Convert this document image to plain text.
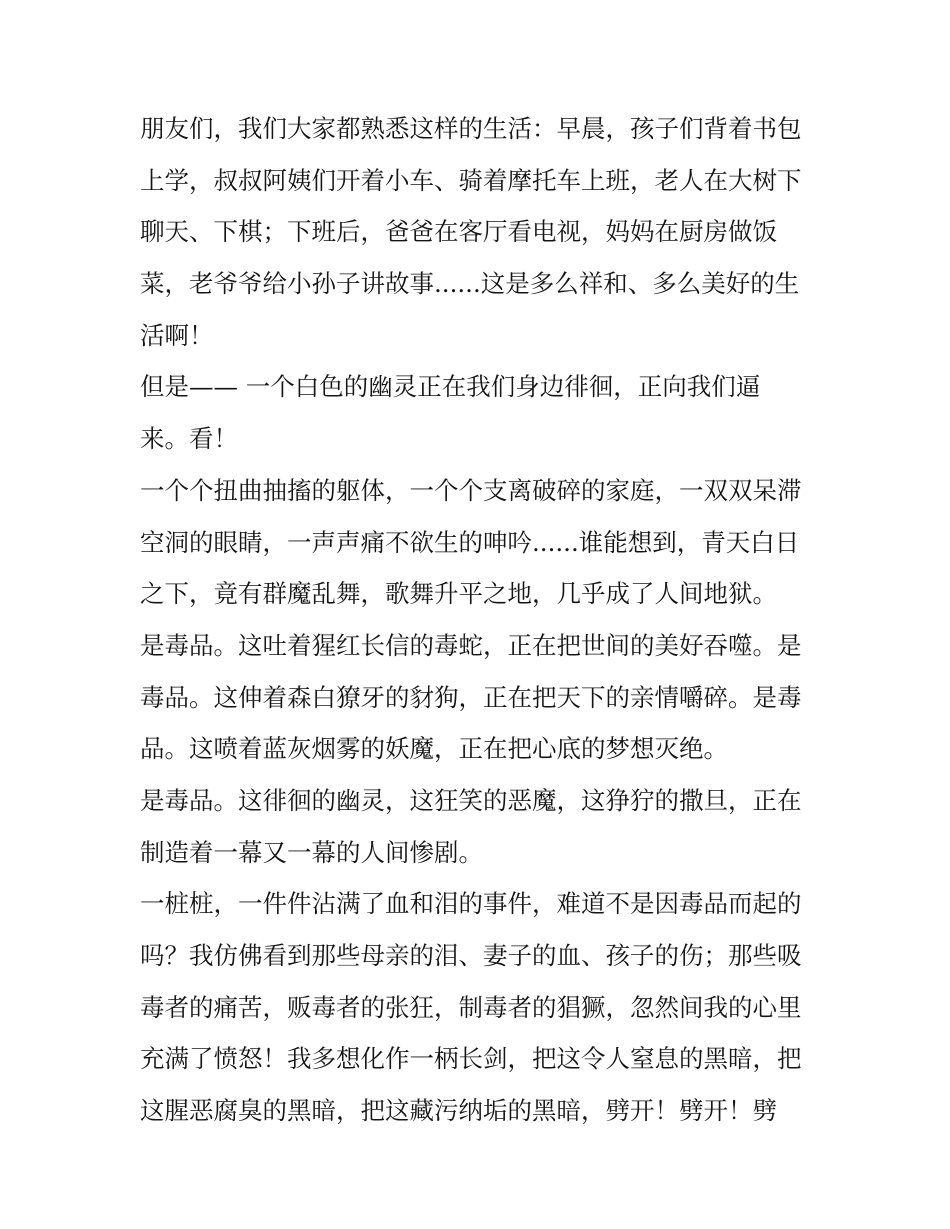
朋友们，我们大家都熟悉这样的生活：早晨，孩子们背着书包
上学，叔叔阿姨们开着小车、骑着摩托车上班，老人在大树下
聊天、下棋；下班后，爸爸在客厅看电视，妈妈在厨房做饭
菜，老爷爷给小孙子讲故事......这是多么祥和、多么美好的生
活啊！
但是—— 一个白色的幽灵正在我们身边徘徊，正向我们逼
来。看！
一个个扭曲抽搐的躯体，一个个支离破碎的家庭，一双双呆滞
空洞的眼睛，一声声痛不欲生的呻吟......谁能想到，青天白日
之下，竟有群魔乱舞，歌舞升平之地，几乎成了人间地狱。
是毒品。这吐着猩红长信的毒蛇，正在把世间的美好吞噬。是
毒品。这伸着森白獠牙的豺狗，正在把天下的亲情嚼碎。是毒
品。这喷着蓝灰烟雾的妖魔，正在把心底的梦想灭绝。
是毒品。这徘徊的幽灵，这狂笑的恶魔，这狰狞的撒旦，正在
制造着一幕又一幕的人间惨剧。
一桩桩，一件件沾满了血和泪的事件，难道不是因毒品而起的
吗？我仿佛看到那些母亲的泪、妻子的血、孩子的伤；那些吸
毒者的痛苦，贩毒者的张狂，制毒者的猖獗，忽然间我的心里
充满了愤怒！我多想化作一柄长剑，把这令人窒息的黑暗，把
这腥恶腐臭的黑暗，把这藏污纳垢的黑暗，劈开！劈开！劈
